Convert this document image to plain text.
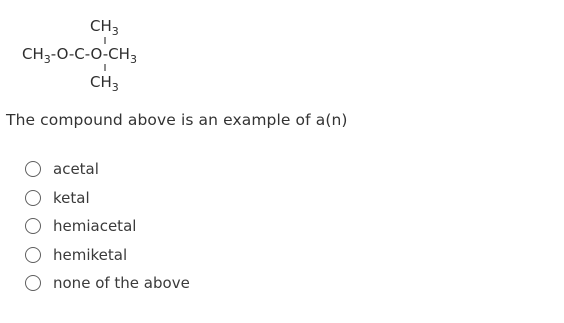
$CH_3$
$CH_3-O-C-O-CH_3$
$CH_3$
The compound above is an example of a(n)
acetal
ketal
hemiacetal
hemiketal
none of the above
